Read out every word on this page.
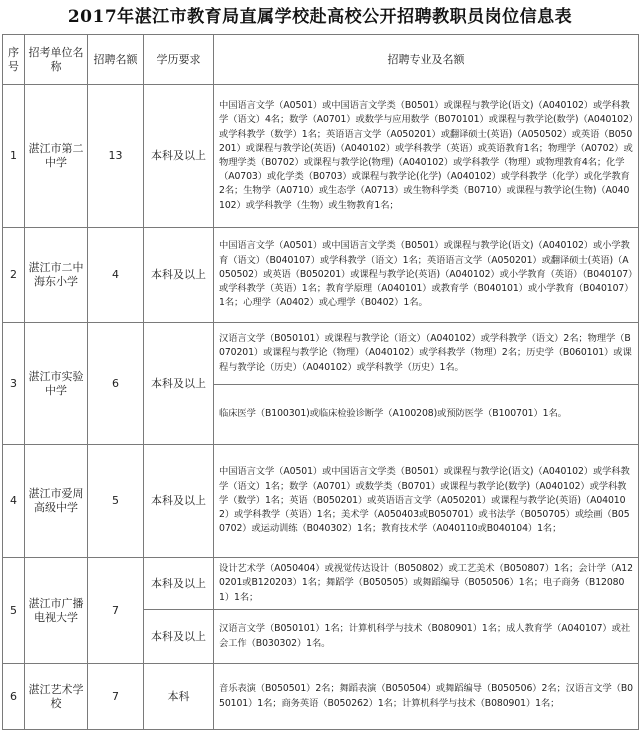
2017年湛江市教育局直属学校赴高校公开招聘教职员岗位信息表
序号	招考单位名称	招聘名额	学历要求	招聘专业及名额
1	湛江市第二中学	13	本科及以上	中国语言文学（A0501）或中国语言文学类（B0501）或课程与教学论(语文)（A040102）或学科教学（语文）4名；数学（A0701）或数学与应用数学（B070101）或课程与教学论(数学)（A040102）或学科教学（数学）1名；英语语言文学（A050201）或翻译硕士(英语)（A050502）或英语（B050201）或课程与教学论(英语)（A040102）或学科教学（英语）或英语教育1名；物理学（A0702）或物理学类（B0702）或课程与教学论(物理)（A040102）或学科教学（物理）或物理教育4名；化学（A0703）或化学类（B0703）或课程与教学论(化学)（A040102）或学科教学（化学）或化学教育2名；生物学（A0710）或生态学（A0713）或生物科学类（B0710）或课程与教学论(生物)（A040102）或学科教学（生物）或生物教育1名；
2	湛江市二中海东小学	4	本科及以上	中国语言文学（A0501）或中国语言文学类（B0501）或课程与教学论(语文)（A040102）或小学教育（语文）（B040107）或学科教学（语文）1名；英语语言文学（A050201）或翻译硕士(英语)（A050502）或英语（B050201）或课程与教学论(英语)（A040102）或小学教育（英语）（B040107）或学科教学（英语）1名；教育学原理（A040101）或教育学（B040101）或小学教育（B040107）1名；心理学（A0402）或心理学（B0402）1名。
3	湛江市实验中学	6	本科及以上	汉语言文学（B050101）或课程与教学论（语文）（A040102）或学科教学（语文）2名；物理学（B070201）或课程与教学论（物理）（A040102）或学科教学（物理）2名；历史学（B060101）或课程与教学论（历史）（A040102）或学科教学（历史）1名。
				临床医学（B100301)或临床检验诊断学（A100208)或预防医学（B100701）1名。
4	湛江市爱周高级中学	5	本科及以上	中国语言文学（A0501）或中国语言文学类（B0501）或课程与教学论(语文)（A040102）或学科教学（语文）1名；数学（A0701）或数学类（B0701）或课程与教学论(数学)（A040102）或学科教学（数学）1名；英语（B050201）或英语语言文学（A050201）或课程与教学论(英语)（A040102）或学科教学（英语）1名；美术学（A050403或B050701）或书法学（B050705）或绘画（B050702）或运动训练（B040302）1名；教育技术学（A040110或B040104）1名；
5	湛江市广播电视大学	7	本科及以上	设计艺术学（A050404）或视觉传达设计（B050802）或工艺美术（B050807）1名；会计学（A120201或B120203）1名；舞蹈学（B050505）或舞蹈编导（B050506）1名；电子商务（B120801）1名；
			本科及以上	汉语言文学（B050101）1名；计算机科学与技术（B080901）1名；成人教育学（A040107）或社会工作（B030302）1名。
6	湛江艺术学校	7	本科	音乐表演（B050501）2名；舞蹈表演（B050504）或舞蹈编导（B050506）2名；汉语言文学（B050101）1名；商务英语（B050262）1名；计算机科学与技术（B080901）1名；
